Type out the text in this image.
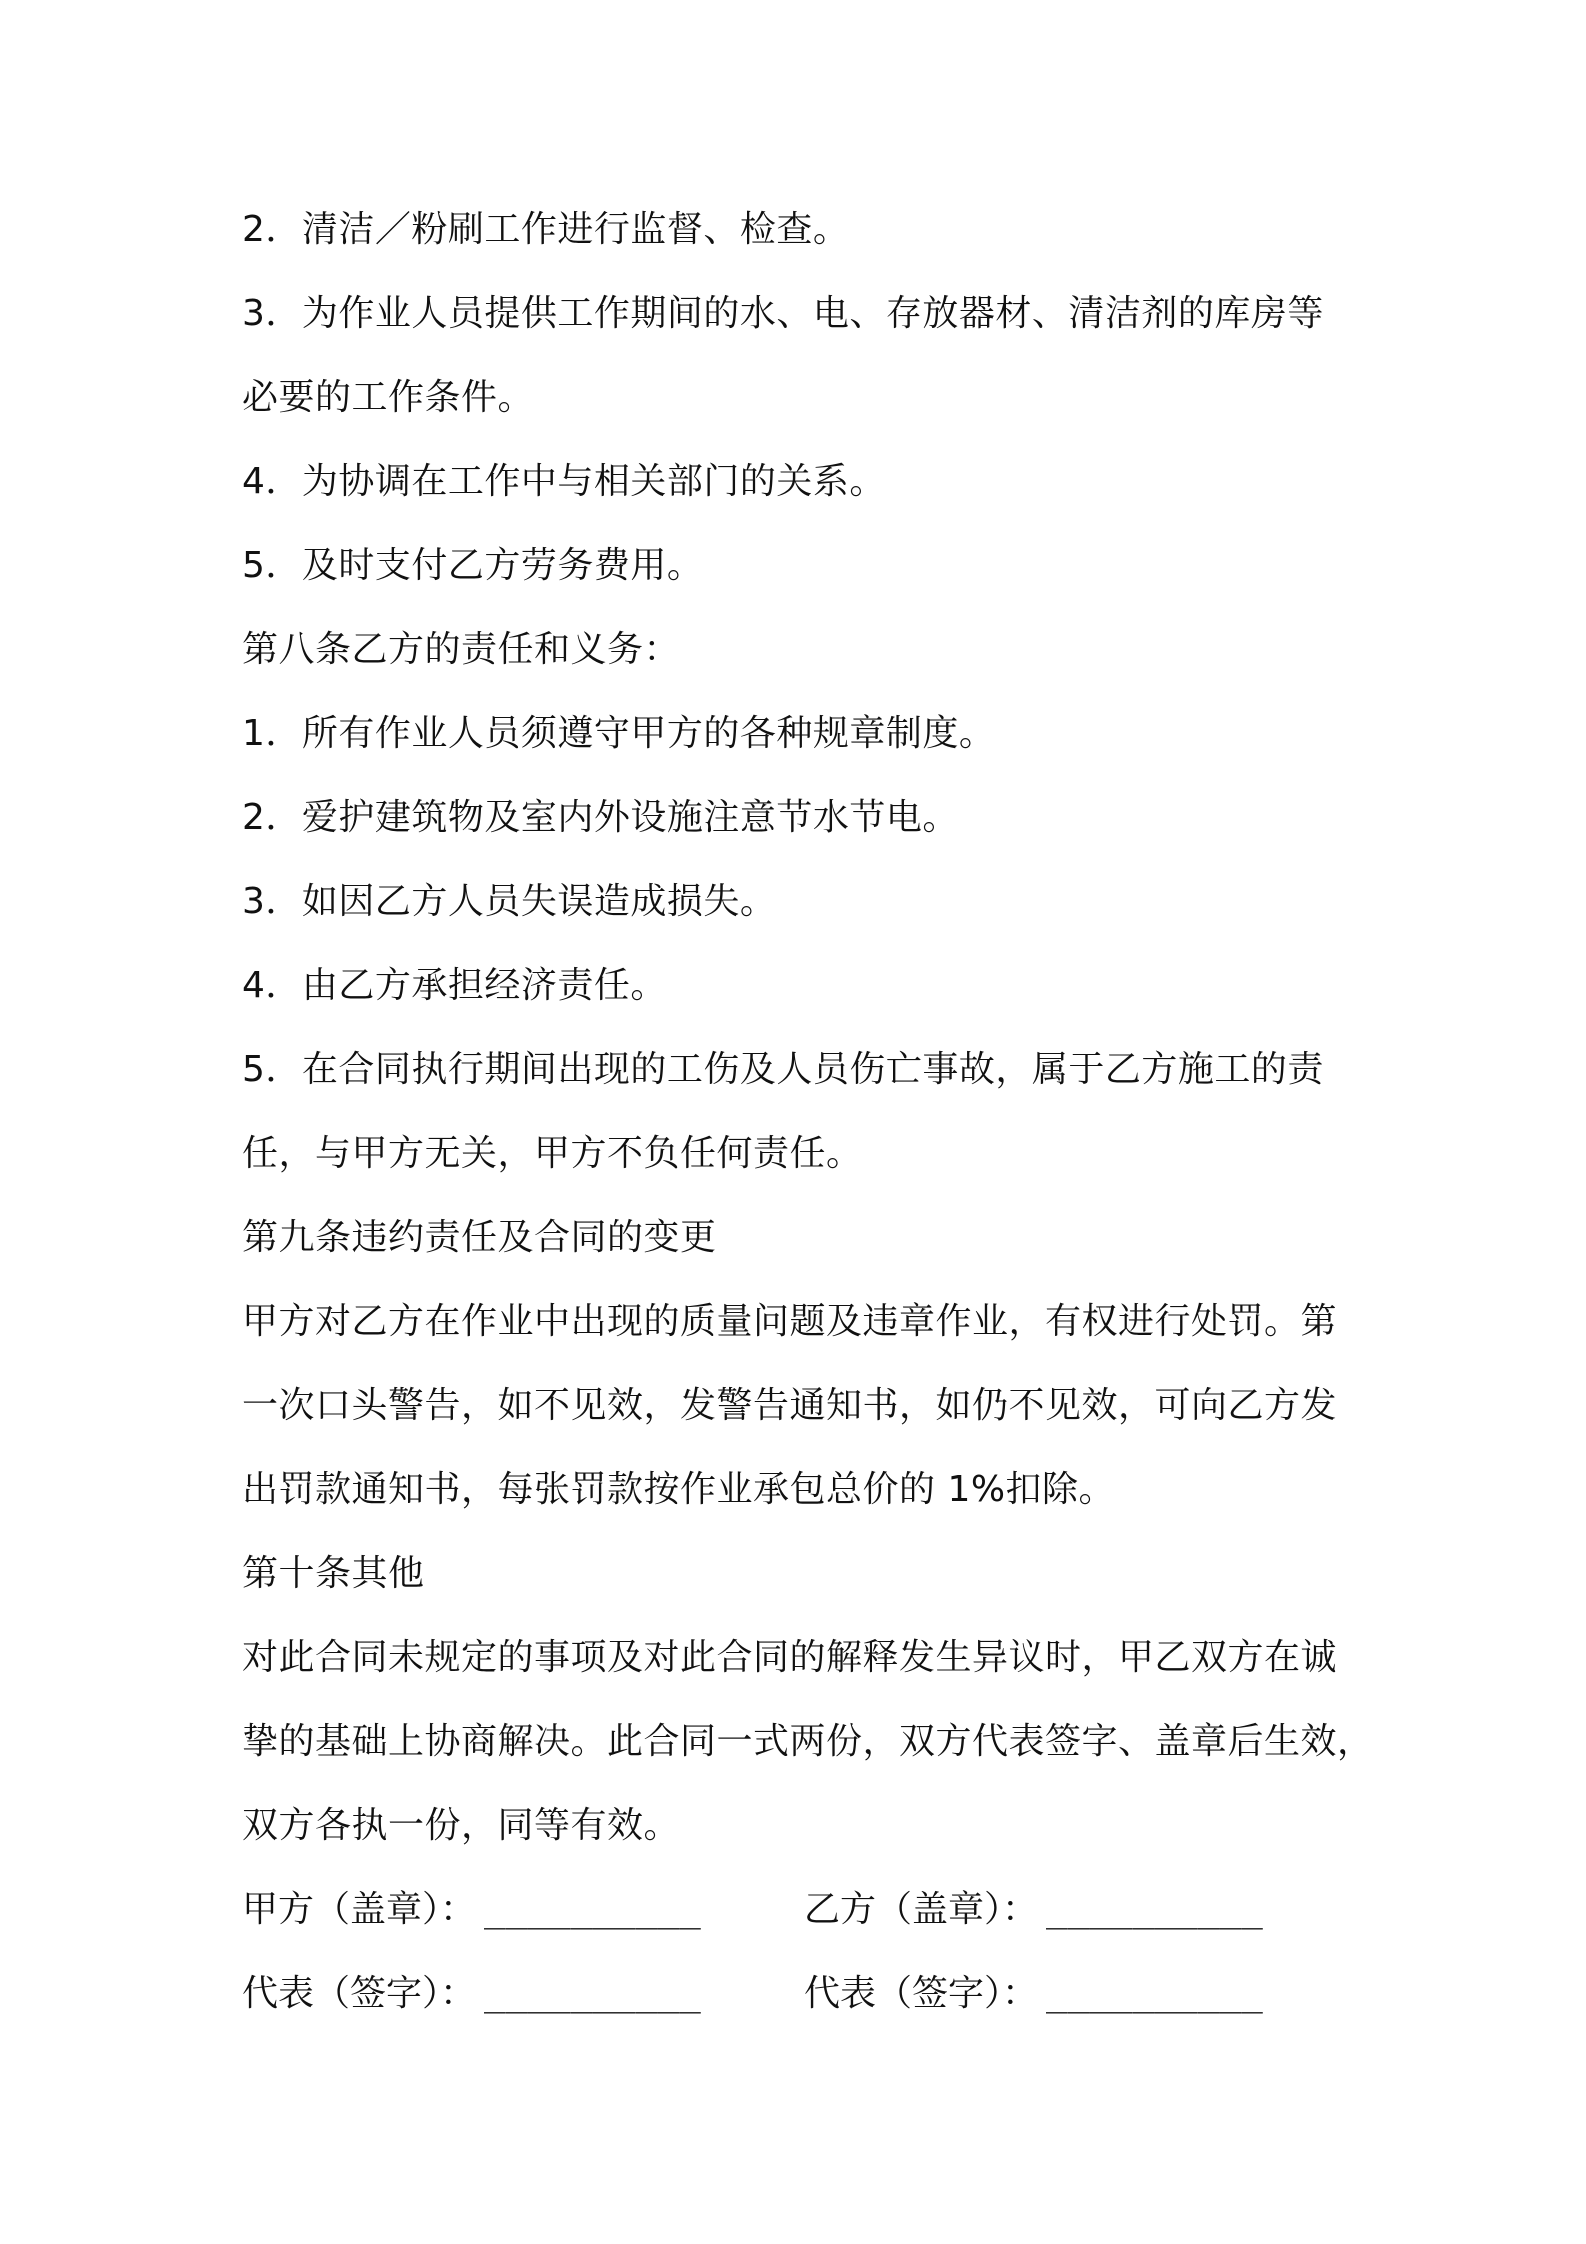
2．清洁／粉刷工作进行监督、检查。
3．为作业人员提供工作期间的水、电、存放器材、清洁剂的库房等
必要的工作条件。
4．为协调在工作中与相关部门的关系。
5．及时支付乙方劳务费用。
第八条乙方的责任和义务：
1．所有作业人员须遵守甲方的各种规章制度。
2．爱护建筑物及室内外设施注意节水节电。
3．如因乙方人员失误造成损失。
4．由乙方承担经济责任。
5．在合同执行期间出现的工伤及人员伤亡事故，属于乙方施工的责
任，与甲方无关，甲方不负任何责任。
第九条违约责任及合同的变更
甲方对乙方在作业中出现的质量问题及违章作业，有权进行处罚。第
一次口头警告，如不见效，发警告通知书，如仍不见效，可向乙方发
出罚款通知书，每张罚款按作业承包总价的 1%扣除。
第十条其他
对此合同未规定的事项及对此合同的解释发生异议时，甲乙双方在诚
挚的基础上协商解决。此合同一式两份，双方代表签字、盖章后生效，
双方各执一份，同等有效。
甲方（盖章）： __________	乙方（盖章）： __________
代表（签字）： __________	代表（签字）： __________
